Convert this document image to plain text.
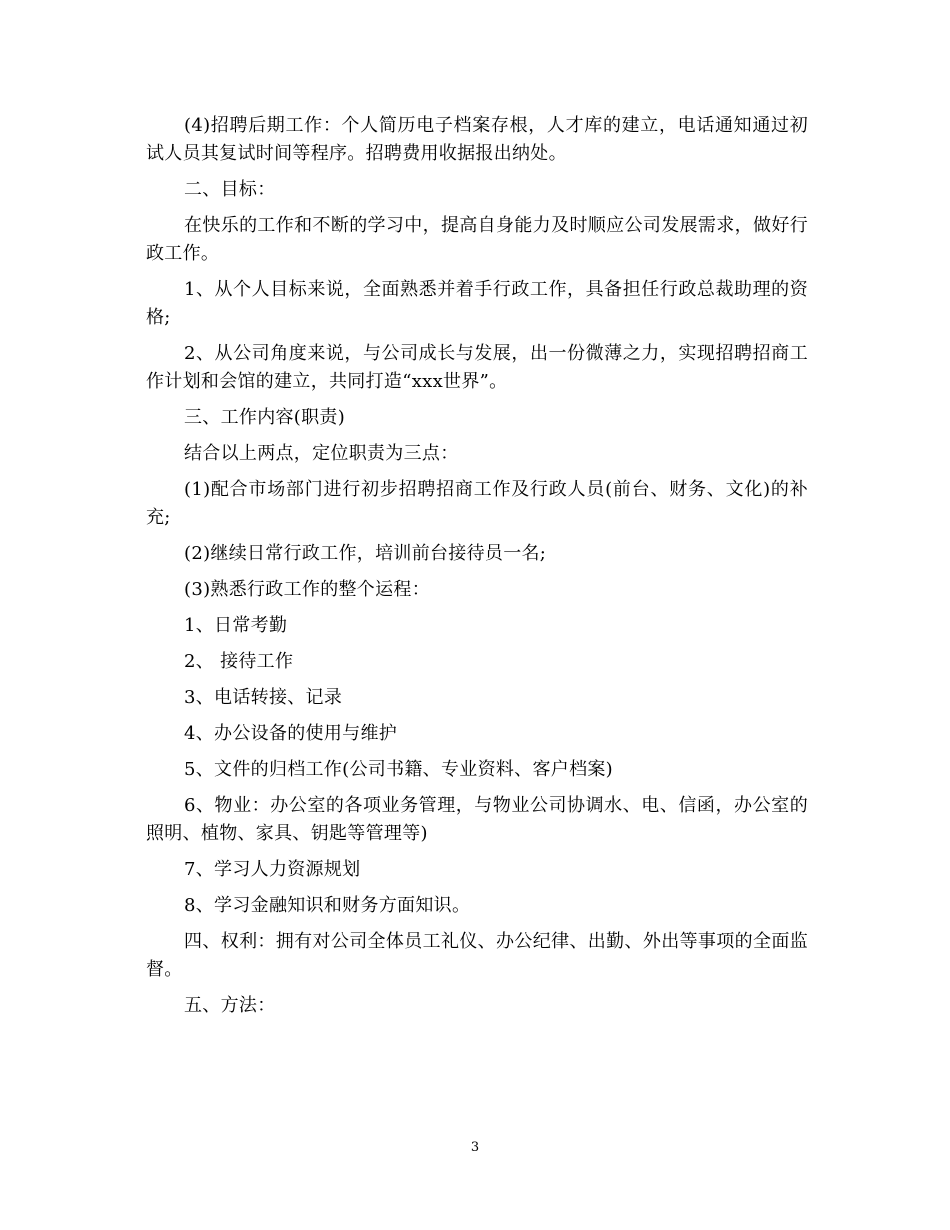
(4)招聘后期工作：个人简历电子档案存根，人才库的建立，电话通知通过初试人员其复试时间等程序。招聘费用收据报出纳处。

二、目标：

在快乐的工作和不断的学习中，提高自身能力及时顺应公司发展需求，做好行政工作。

1、从个人目标来说，全面熟悉并着手行政工作，具备担任行政总裁助理的资格;

2、从公司角度来说，与公司成长与发展，出一份微薄之力，实现招聘招商工作计划和会馆的建立，共同打造“xxx世界”。

三、工作内容(职责)

结合以上两点，定位职责为三点：

(1)配合市场部门进行初步招聘招商工作及行政人员(前台、财务、文化)的补充;

(2)继续日常行政工作，培训前台接待员一名;

(3)熟悉行政工作的整个运程：

1、日常考勤

2、 接待工作

3、电话转接、记录

4、办公设备的使用与维护

5、文件的归档工作(公司书籍、专业资料、客户档案)

6、物业：办公室的各项业务管理，与物业公司协调水、电、信函，办公室的照明、植物、家具、钥匙等管理等)

7、学习人力资源规划

8、学习金融知识和财务方面知识。

四、权利：拥有对公司全体员工礼仪、办公纪律、出勤、外出等事项的全面监督。

五、方法：

3
